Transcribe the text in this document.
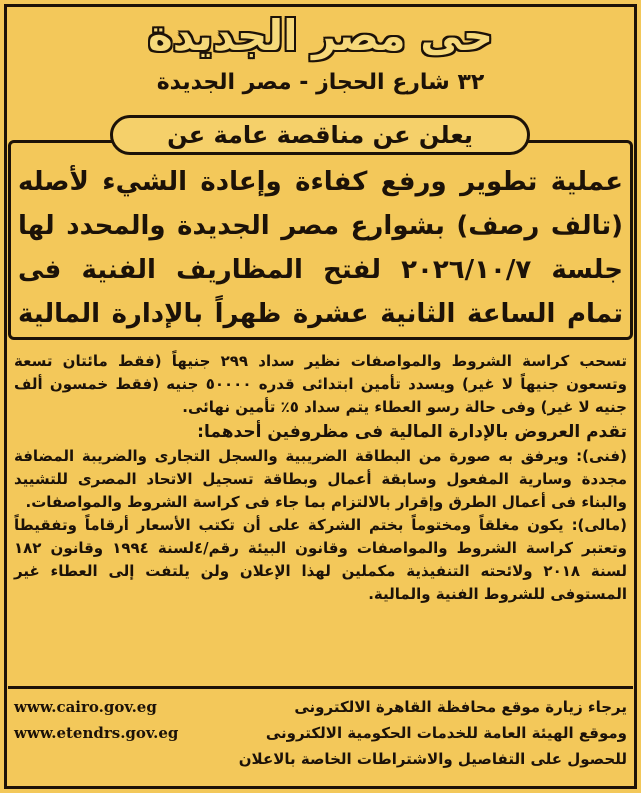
حى مصر الجديدة
٣٢ شارع الحجاز - مصر الجديدة
يعلن عن مناقصة عامة عن
عملية تطوير ورفع كفاءة وإعادة الشيء لأصله
(تالف رصف) بشوارع مصر الجديدة والمحدد لها
جلسة ٢٠٢٦/١٠/٧ لفتح المظاريف الفنية فى
تمام الساعة الثانية عشرة ظهراً بالإدارة المالية

تسحب كراسة الشروط والمواصفات نظير سداد ٢٩٩ جنيهاً (فقط مائتان تسعة وتسعون جنيهاً لا غير) ويسدد تأمين ابتدائى قدره ٥٠٠٠٠ جنيه (فقط خمسون ألف جنيه لا غير) وفى حالة رسو العطاء يتم سداد ٥٪ تأمين نهائى.

تقدم العروض بالإدارة المالية فى مظروفين أحدهما:

(فنى): ويرفق به صورة من البطاقة الضريبية والسجل التجارى والضريبة المضافة مجددة وسارية المفعول وسابقة أعمال وبطاقة تسجيل الاتحاد المصرى للتشييد والبناء فى أعمال الطرق وإقرار بالالتزام بما جاء فى كراسة الشروط والمواصفات.

(مالى): يكون مغلقاً ومختوماً بختم الشركة على أن تكتب الأسعار أرقاماً وتفقيطاً وتعتبر كراسة الشروط والمواصفات وقانون البيئة رقم/٤لسنة ١٩٩٤ وقانون ١٨٢ لسنة ٢٠١٨ ولائحته التنفيذية مكملين لهذا الإعلان ولن يلتفت إلى العطاء غير المستوفى للشروط الفنية والمالية.

يرجاء زيارة موقع محافظة القاهرة الالكترونى
www.cairo.gov.eg
وموقع الهيئة العامة للخدمات الحكومية الالكترونى
www.etendrs.gov.eg
للحصول على التفاصيل والاشتراطات الخاصة بالاعلان
